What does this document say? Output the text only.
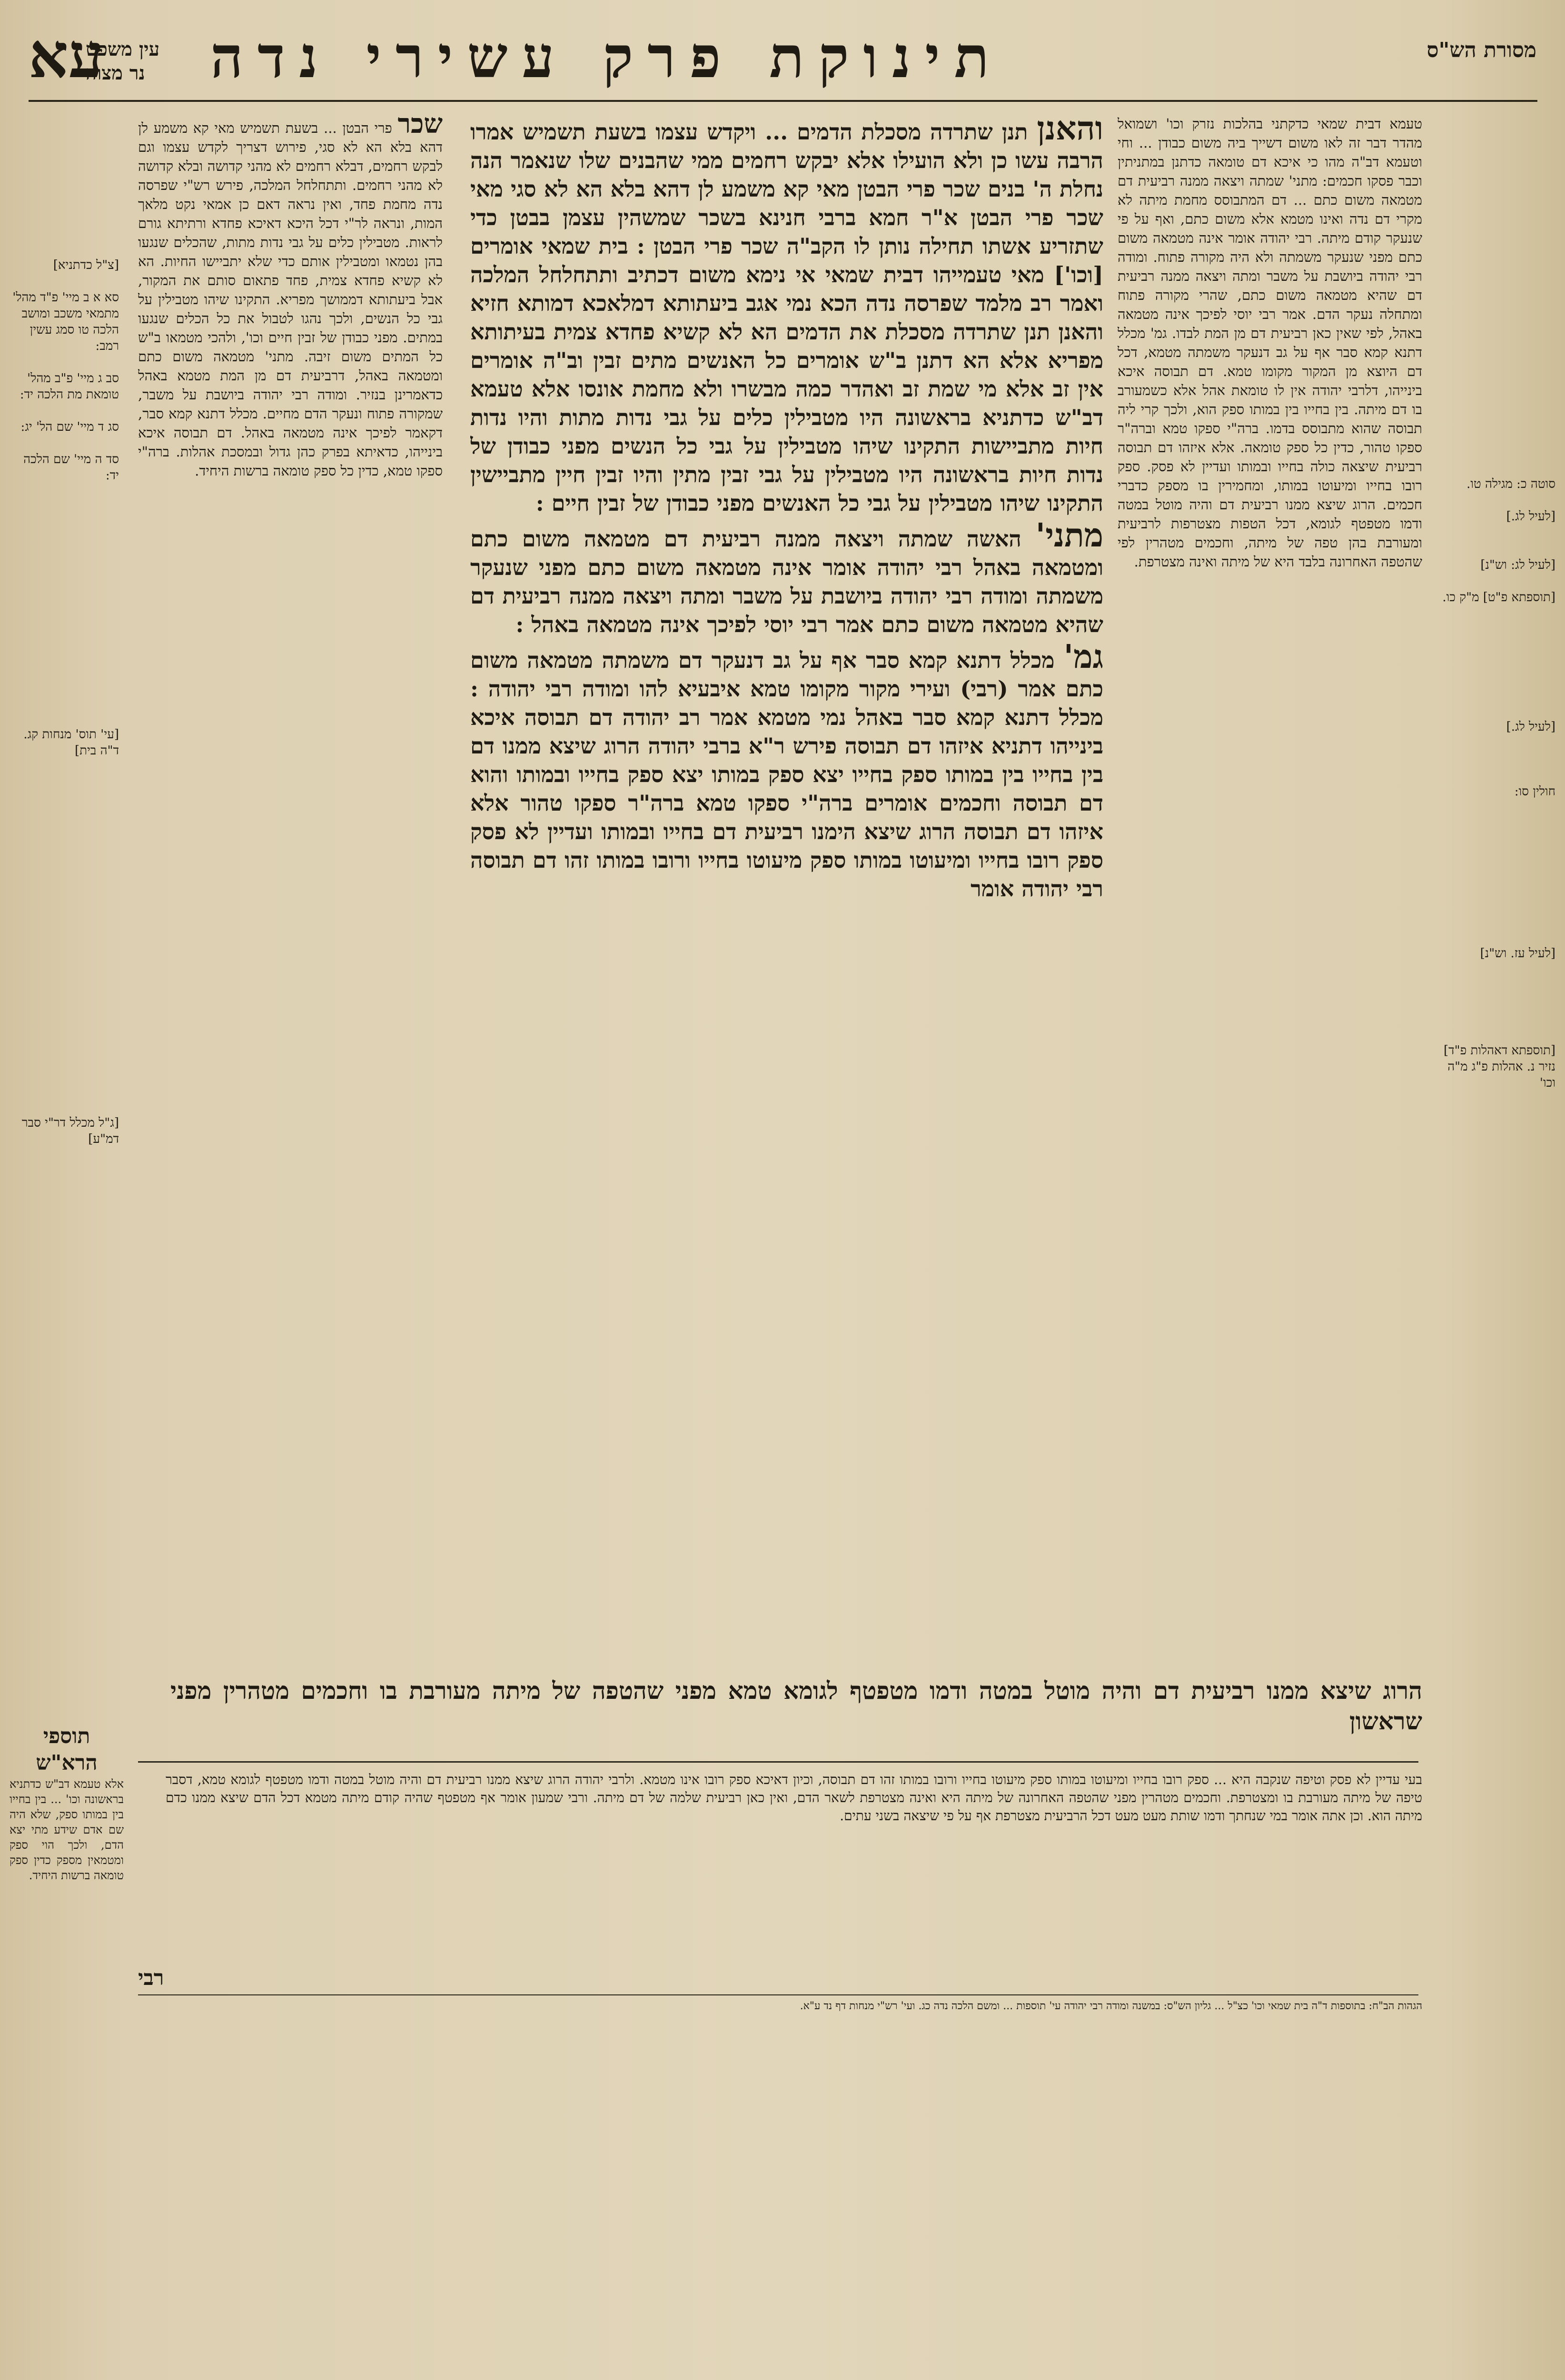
מסורת הש"ס
תינוקת פרק עשירי נדה
עין משפט
נר מצוה
עא
סוטה כ: מגילה טו.

[לעיל לג.]

[לעיל לג: וש"נ]

[תוספתא פ"ט] מ"ק כו.

[לעיל לג.]

חולין סו:

[לעיל עז. וש"נ]

[תוספתא דאהלות פ"ד] נזיר נ. אהלות פ"ג מ"ה וכו'
[צ"ל כדתניא]

סא א ב מיי' פ"ד מהל' מתמאי משכב ומושב הלכה טו סמג עשין רמב:

סב ג מיי' פ"ב מהל' טומאת מת הלכה יד:

סג ד מיי' שם הל' יג:

סד ה מיי' שם הלכה יד:

[עי' תוס' מנחות קג. ד"ה בית]

[ג"ל מכלל דר"י סבר דמ"ע]
תוספי הרא"ש
אלא טעמא דב"ש כדתניא בראשונה וכו' ... בין בחייו בין במותו ספק, שלא היה שם אדם שידע מתי יצא הדם, ולכך הוי ספק ומטמאין מספק כדין ספק טומאה ברשות היחיד.
טעמא דבית שמאי כדקתני בהלכות נזרק וכו' ושמואל מהדר דבר זה לאו משום דשייך ביה משום כבודן ... וחי וטעמא דב"ה מהו כי איכא דם טומאה כדתנן במתניתין וכבר פסקו חכמים: מתני' שמתה ויצאה ממנה רביעית דם מטמאה משום כתם ... דם המתבוסס מחמת מיתה לא מקרי דם נדה ואינו מטמא אלא משום כתם, ואף על פי שנעקר קודם מיתה. רבי יהודה אומר אינה מטמאה משום כתם מפני שנעקר משמתה ולא היה מקורה פתוח. ומודה רבי יהודה ביושבת על משבר ומתה ויצאה ממנה רביעית דם שהיא מטמאה משום כתם, שהרי מקורה פתוח ומתחלה נעקר הדם. אמר רבי יוסי לפיכך אינה מטמאה באהל, לפי שאין כאן רביעית דם מן המת לבדו. גמ' מכלל דתנא קמא סבר אף על גב דנעקר משמתה מטמא, דכל דם היוצא מן המקור מקומו טמא. דם תבוסה איכא בינייהו, דלרבי יהודה אין לו טומאת אהל אלא כשמעורב בו דם מיתה. בין בחייו בין במותו ספק הוא, ולכך קרי ליה תבוסה שהוא מתבוסס בדמו. ברה"י ספקו טמא וברה"ר ספקו טהור, כדין כל ספק טומאה. אלא איזהו דם תבוסה רביעית שיצאה כולה בחייו ובמותו ועדיין לא פסק. ספק רובו בחייו ומיעוטו במותו, ומחמירין בו מספק כדברי חכמים. הרוג שיצא ממנו רביעית דם והיה מוטל במטה ודמו מטפטף לגומא, דכל הטפות מצטרפות לרביעית ומעורבת בהן טפה של מיתה, וחכמים מטהרין לפי שהטפה האחרונה בלבד היא של מיתה ואינה מצטרפת.
שכר פרי הבטן ... בשעת תשמיש מאי קא משמע לן דהא בלא הא לא סגי, פירוש דצריך לקדש עצמו וגם לבקש רחמים, דבלא רחמים לא מהני קדושה ובלא קדושה לא מהני רחמים. ותתחלחל המלכה, פירש רש"י שפרסה נדה מחמת פחד, ואין נראה דאם כן אמאי נקט מלאך המות, ונראה לר"י דכל היכא דאיכא פחדא ורתיתא גורם לראות. מטבילין כלים על גבי נדות מתות, שהכלים שנגעו בהן נטמאו ומטבילין אותם כדי שלא יתביישו החיות. הא לא קשיא פחדא צמית, פחד פתאום סותם את המקור, אבל ביעתותא דממושך מפריא. התקינו שיהו מטבילין על גבי כל הנשים, ולכך נהגו לטבול את כל הכלים שנגעו במתים. מפני כבודן של זבין חיים וכו', ולהכי מטמאו ב"ש כל המתים משום זיבה. מתני' מטמאה משום כתם ומטמאה באהל, דרביעית דם מן המת מטמא באהל כדאמרינן בנזיר. ומודה רבי יהודה ביושבת על משבר, שמקורה פתוח ונעקר הדם מחיים. מכלל דתנא קמא סבר, דקאמר לפיכך אינה מטמאה באהל. דם תבוסה איכא בינייהו, כדאיתא בפרק כהן גדול ובמסכת אהלות. ברה"י ספקו טמא, כדין כל ספק טומאה ברשות היחיד.

והאנן תנן שתרדה מסכלת הדמים ... ויקדש עצמו בשעת תשמיש אמרו הרבה עשו כן ולא הועילו אלא יבקש רחמים ממי שהבנים שלו שנאמר הנה נחלת ה' בנים שכר פרי הבטן מאי קא משמע לן דהא בלא הא לא סגי מאי שכר פרי הבטן א"ר חמא ברבי חנינא בשכר שמשהין עצמן בבטן כדי שתזריע אשתו תחילה נותן לו הקב"ה שכר פרי הבטן : בית שמאי אומרים [וכו'] מאי טעמייהו דבית שמאי אי נימא משום דכתיב ותתחלחל המלכה ואמר רב מלמד שפרסה נדה הכא נמי אגב ביעתותא דמלאכא דמותא חזיא והאנן תנן שתרדה מסכלת את הדמים הא לא קשיא פחדא צמית בעיתותא מפריא אלא הא דתנן ב"ש אומרים כל האנשים מתים זבין וב"ה אומרים אין זב אלא מי שמת זב ואהדר כמה מבשרו ולא מחמת אונסו אלא טעמא דב"ש כדתניא בראשונה היו מטבילין כלים על גבי נדות מתות והיו נדות חיות מתביישות התקינו שיהו מטבילין על גבי כל הנשים מפני כבודן של נדות חיות בראשונה היו מטבילין על גבי זבין מתין והיו זבין חיין מתביישין התקינו שיהו מטבילין על גבי כל האנשים מפני כבודן של זבין חיים :

מתני' האשה שמתה ויצאה ממנה רביעית דם מטמאה משום כתם ומטמאה באהל רבי יהודה אומר אינה מטמאה משום כתם מפני שנעקר משמתה ומודה רבי יהודה ביושבת על משבר ומתה ויצאה ממנה רביעית דם שהיא מטמאה משום כתם אמר רבי יוסי לפיכך אינה מטמאה באהל :

גמ' מכלל דתנא קמא סבר אף על גב דנעקר דם משמתה מטמאה משום כתם אמר (רבי) ועירי מקור מקומו טמא איבעיא להו ומודה רבי יהודה : מכלל דתנא קמא סבר באהל נמי מטמא אמר רב יהודה דם תבוסה איכא בינייהו דתניא איזהו דם תבוסה פירש ר"א ברבי יהודה הרוג שיצא ממנו דם בין בחייו בין במותו ספק בחייו יצא ספק במותו יצא ספק בחייו ובמותו והוא דם תבוסה וחכמים אומרים ברה"י ספקו טמא ברה"ר ספקו טהור אלא איזהו דם תבוסה הרוג שיצא הימנו רביעית דם בחייו ובמותו ועדיין לא פסק ספק רובו בחייו ומיעוטו במותו ספק מיעוטו בחייו ורובו במותו זהו דם תבוסה רבי יהודה אומר

הרוג שיצא ממנו רביעית דם והיה מוטל במטה ודמו מטפטף לגומא טמא מפני שהטפה של מיתה מעורבת בו וחכמים מטהרין מפני שראשון
בעי עדיין לא פסק וטיפה שנקבה היא ... ספק רובו בחייו ומיעוטו במותו ספק מיעוטו בחייו ורובו במותו זהו דם תבוסה, וכיון דאיכא ספק רובו אינו מטמא. ולרבי יהודה הרוג שיצא ממנו רביעית דם והיה מוטל במטה ודמו מטפטף לגומא טמא, דסבר טיפה של מיתה מעורבת בו ומצטרפת. וחכמים מטהרין מפני שהטפה האחרונה של מיתה היא ואינה מצטרפת לשאר הדם, ואין כאן רביעית שלמה של דם מיתה. ורבי שמעון אומר אף מטפטף שהיה קודם מיתה מטמא דכל הדם שיצא ממנו כדם מיתה הוא. וכן אתה אומר במי שנחתך ודמו שותת מעט מעט דכל הרביעית מצטרפת אף על פי שיצאה בשני עתים.
רבי
הגהות הב"ח: בתוספות ד"ה בית שמאי וכו' כצ"ל ... גליון הש"ס: במשנה ומודה רבי יהודה עי' תוספות ... ומשם הלכה נדה כג. ועי' רש"י מנחות דף נד ע"א.
